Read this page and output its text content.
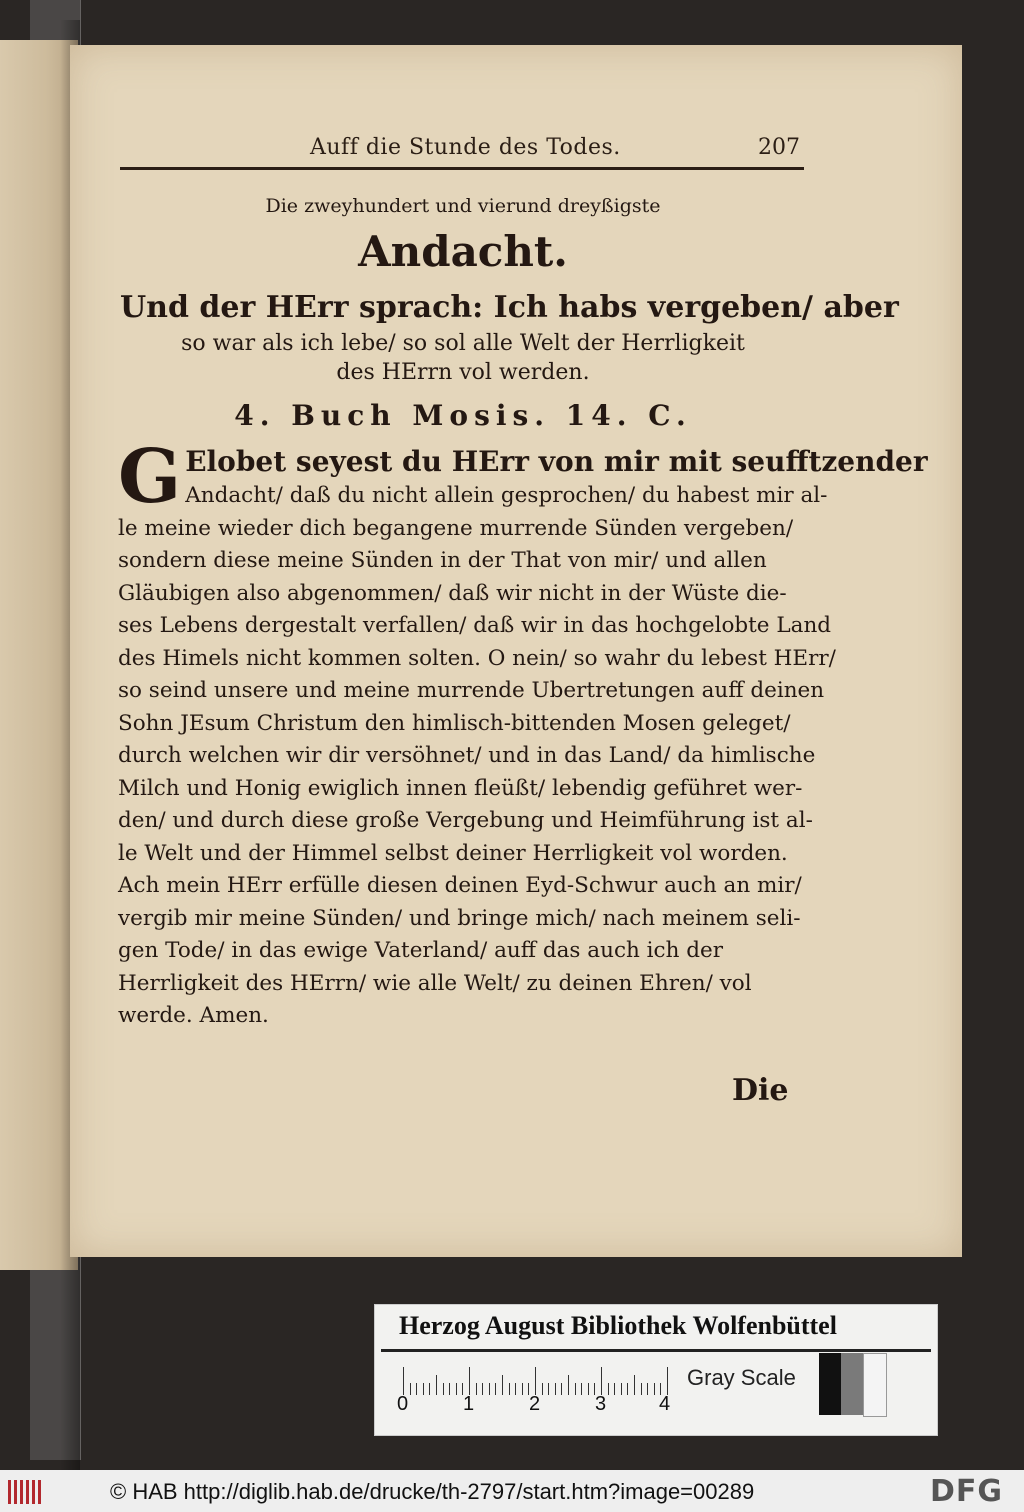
Auff die Stunde des Todes.	207
Die zweyhundert und vierund dreyßigste
Andacht.
Und der HErr sprach: Ich habs vergeben/ aber
so war als ich lebe/ so sol alle Welt der Herrligkeit
des HErrn vol werden.
4. Buch Mosis. 14. C.
G Elobet seyest du HErr von mir mit seufftzender
Andacht/ daß du nicht allein gesprochen/ du habest mir al-
le meine wieder dich begangene murrende Sünden vergeben/
sondern diese meine Sünden in der That von mir/ und allen
Gläubigen also abgenommen/ daß wir nicht in der Wüste die-
ses Lebens dergestalt verfallen/ daß wir in das hochgelobte Land
des Himels nicht kommen solten. O nein/ so wahr du lebest HErr/
so seind unsere und meine murrende Ubertretungen auff deinen
Sohn JEsum Christum den himlisch-bittenden Mosen geleget/
durch welchen wir dir versöhnet/ und in das Land/ da himlische
Milch und Honig ewiglich innen fleüßt/ lebendig geführet wer-
den/ und durch diese große Vergebung und Heimführung ist al-
le Welt und der Himmel selbst deiner Herrligkeit vol worden.
Ach mein HErr erfülle diesen deinen Eyd-Schwur auch an mir/
vergib mir meine Sünden/ und bringe mich/ nach meinem seli-
gen Tode/ in das ewige Vaterland/ auff das auch ich der
Herrligkeit des HErrn/ wie alle Welt/ zu deinen Ehren/ vol
werde. Amen.
Die
Herzog August Bibliothek Wolfenbüttel
0	1	2	3	4
Gray Scale
© HAB http://diglib.hab.de/drucke/th-2797/start.htm?image=00289	DFG
